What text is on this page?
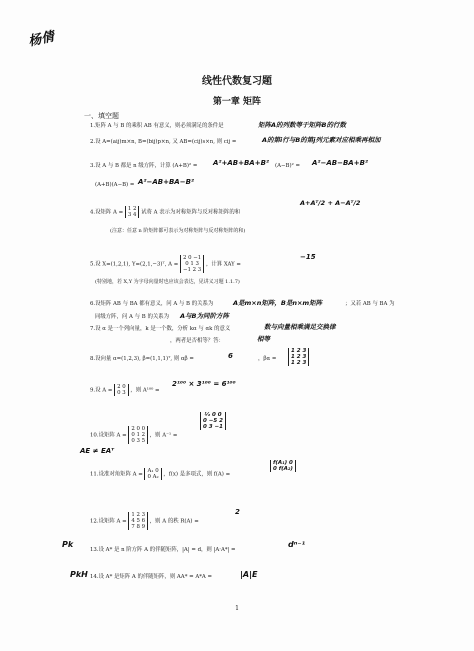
杨倩
线性代数复习题
第一章 矩阵
一、填空题
1.矩阵 A 与 B 的乘积 AB 有意义，则必须满足的条件是	矩阵A的列数等于矩阵B的行数
2.设 A=(aij)m×n, B=(bij)p×n, 又 AB=(cij)s×n, 则 cij =	A的第i行与B的第j列元素对应相乘再相加
3.设 A 与 B 都是 n 级方阵，计算 (A+B)² = A²+AB+BA+B² (A−B)² = A²−AB−BA+B²
(A+B)(A−B) = A²−AB+BA−B²
4.设矩阵 A = 1 2
3 4 试将 A 表示为对称矩阵与反对称矩阵的和
A+Aᵀ/2 + A−Aᵀ/2
(注意：任意 n 阶矩阵都可表示为对称矩阵与反对称矩阵的和)
5.设 X=(1,2,1), Y=(2,1,−3)ᵀ, A = 2 0 −1
0 1 3
−1 2 3 ，计算 XAY =
−15
(特别地，若 X,Y 为字母向量时也应该会表达，见讲义习题 1.1.7)
6.设矩阵 AB 与 BA 都有意义，问 A 与 B 的关系为	A是m×n矩阵，B是n×m矩阵	；又若 AB 与 BA 为
同级方阵，问 A 与 B 的关系为 A与B为同阶方阵
7.设 α 是一个列向量，k 是一个数，分析 kα 与 αk 的意义	数与向量相乘满足交换律
，两者是否相等？答：	相等
8.设向量 α=(1,2,3), β=(1,1,1)ᵀ, 则 αβ =	6	，βα =
1 2 3
1 2 3
1 2 3
9.设 A = 2 0
0 3 ，则 A¹⁰⁰ =
2¹⁰⁰ × 3¹⁰⁰ = 6¹⁰⁰
10.设矩阵 A = 2 0 0
0 1 2
0 3 5 ，则 A⁻¹ =
½ 0 0
0 −5 2
0 3 −1
AE ≠ EAᵀ
11.设准对角矩阵 A = A₁ 0
0 A₂ ，f(x) 是多项式，则 f(A) =
f(A₁) 0
0 f(A₂)
12.设矩阵 A = 1 2 3
4 5 6
7 8 9 ，则 A 的秩 R(A) =
2
Pk
13.设 A* 是 n 阶方阵 A 的伴随矩阵，|A| = d，则 |A·A*| =
dⁿ⁻¹
PkH 14.设 A* 是矩阵 A 的伴随矩阵，则 AA* = A*A =	|A|E
1
